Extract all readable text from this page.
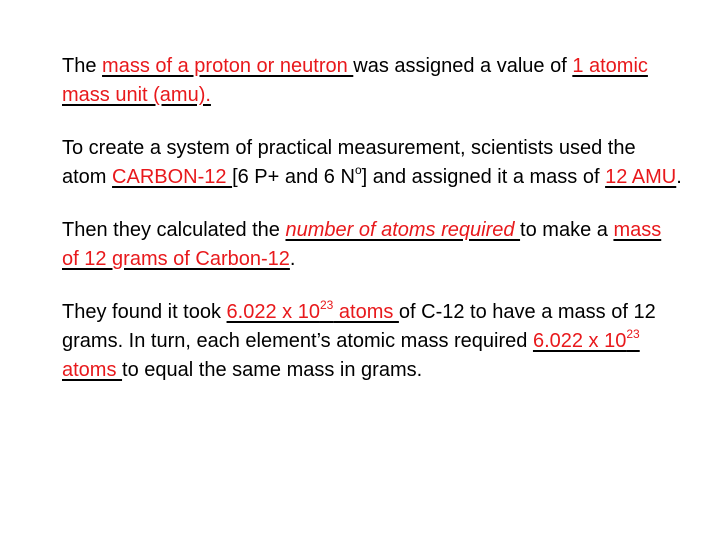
The mass of a proton or neutron was assigned a value of 1 atomic mass unit (amu).

To create a system of practical measurement, scientists used the atom CARBON-12 [6 P+ and 6 $N^o$] and assigned it a mass of 12 AMU.

Then they calculated the number of atoms required to make a mass of 12 grams of Carbon-12.

They found it took 6.022 x $10^{23}$ atoms of C-12 to have a mass of 12 grams. In turn, each element’s atomic mass required 6.022 x $10^{23}$ atoms to equal the same mass in grams.
